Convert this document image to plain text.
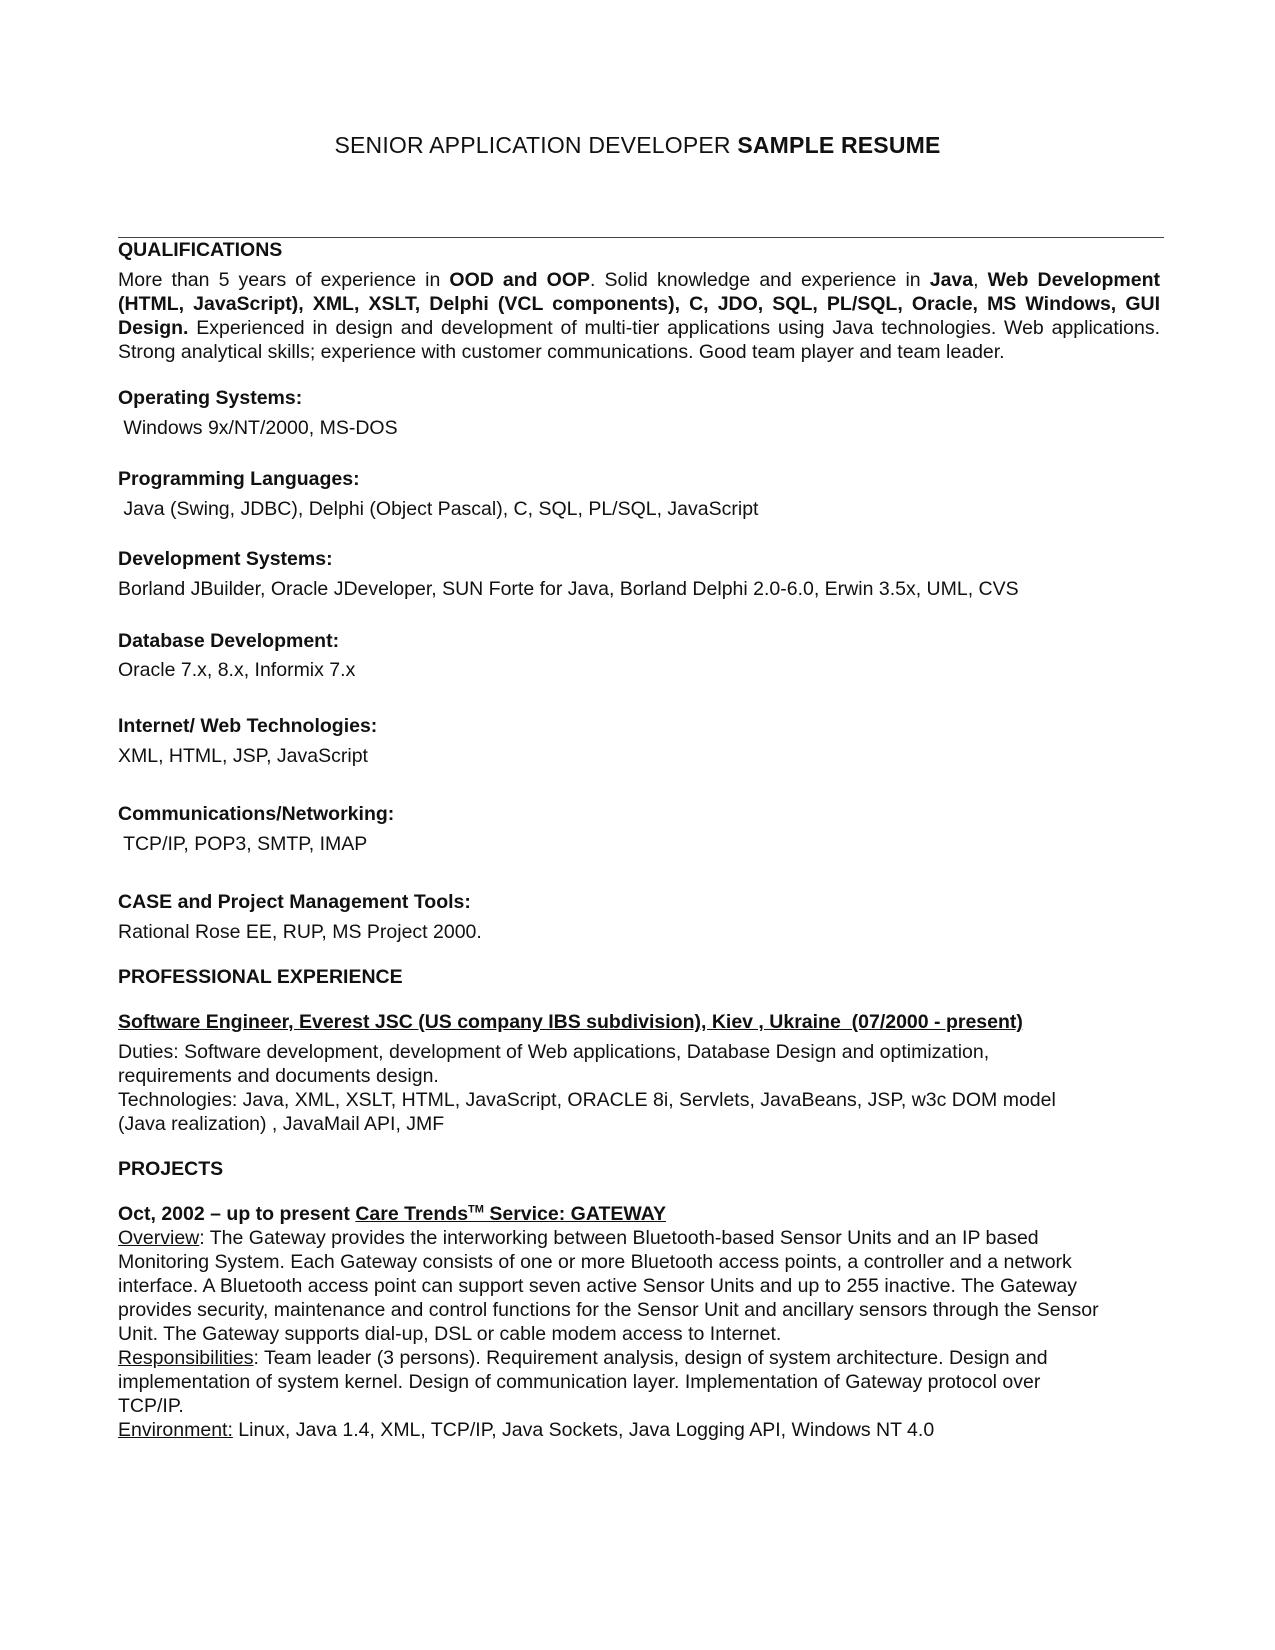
SENIOR APPLICATION DEVELOPER SAMPLE RESUME
QUALIFICATIONS

More than 5 years of experience in OOD and OOP. Solid knowledge and experience in Java, Web Development (HTML, JavaScript), XML, XSLT, Delphi (VCL components), C, JDO, SQL, PL/SQL, Oracle, MS Windows, GUI Design. Experienced in design and development of multi-tier applications using Java technologies. Web applications. Strong analytical skills; experience with customer communications. Good team player and team leader.

Operating Systems:

Windows 9x/NT/2000, MS-DOS

Programming Languages:

Java (Swing, JDBC), Delphi (Object Pascal), C, SQL, PL/SQL, JavaScript

Development Systems:

Borland JBuilder, Oracle JDeveloper, SUN Forte for Java, Borland Delphi 2.0-6.0, Erwin 3.5x, UML, CVS

Database Development:

Oracle 7.x, 8.x, Informix 7.x

Internet/ Web Technologies:

XML, HTML, JSP, JavaScript

Communications/Networking:

TCP/IP, POP3, SMTP, IMAP

CASE and Project Management Tools:

Rational Rose EE, RUP, MS Project 2000.

PROFESSIONAL EXPERIENCE
Software Engineer, Everest JSC (US company IBS subdivision), Kiev , Ukraine  (07/2000 - present)

Duties: Software development, development of Web applications, Database Design and optimization, requirements and documents design.

Technologies: Java, XML, XSLT, HTML, JavaScript, ORACLE 8i, Servlets, JavaBeans, JSP, w3c DOM model (Java realization) , JavaMail API, JMF

PROJECTS
Oct, 2002 – up to present Care Trends™ Service: GATEWAY

Overview: The Gateway provides the interworking between Bluetooth-based Sensor Units and an IP based Monitoring System. Each Gateway consists of one or more Bluetooth access points, a controller and a network interface. A Bluetooth access point can support seven active Sensor Units and up to 255 inactive. The Gateway provides security, maintenance and control functions for the Sensor Unit and ancillary sensors through the Sensor Unit. The Gateway supports dial-up, DSL or cable modem access to Internet.

Responsibilities: Team leader (3 persons). Requirement analysis, design of system architecture. Design and implementation of system kernel. Design of communication layer. Implementation of Gateway protocol over TCP/IP.

Environment: Linux, Java 1.4, XML, TCP/IP, Java Sockets, Java Logging API, Windows NT 4.0
